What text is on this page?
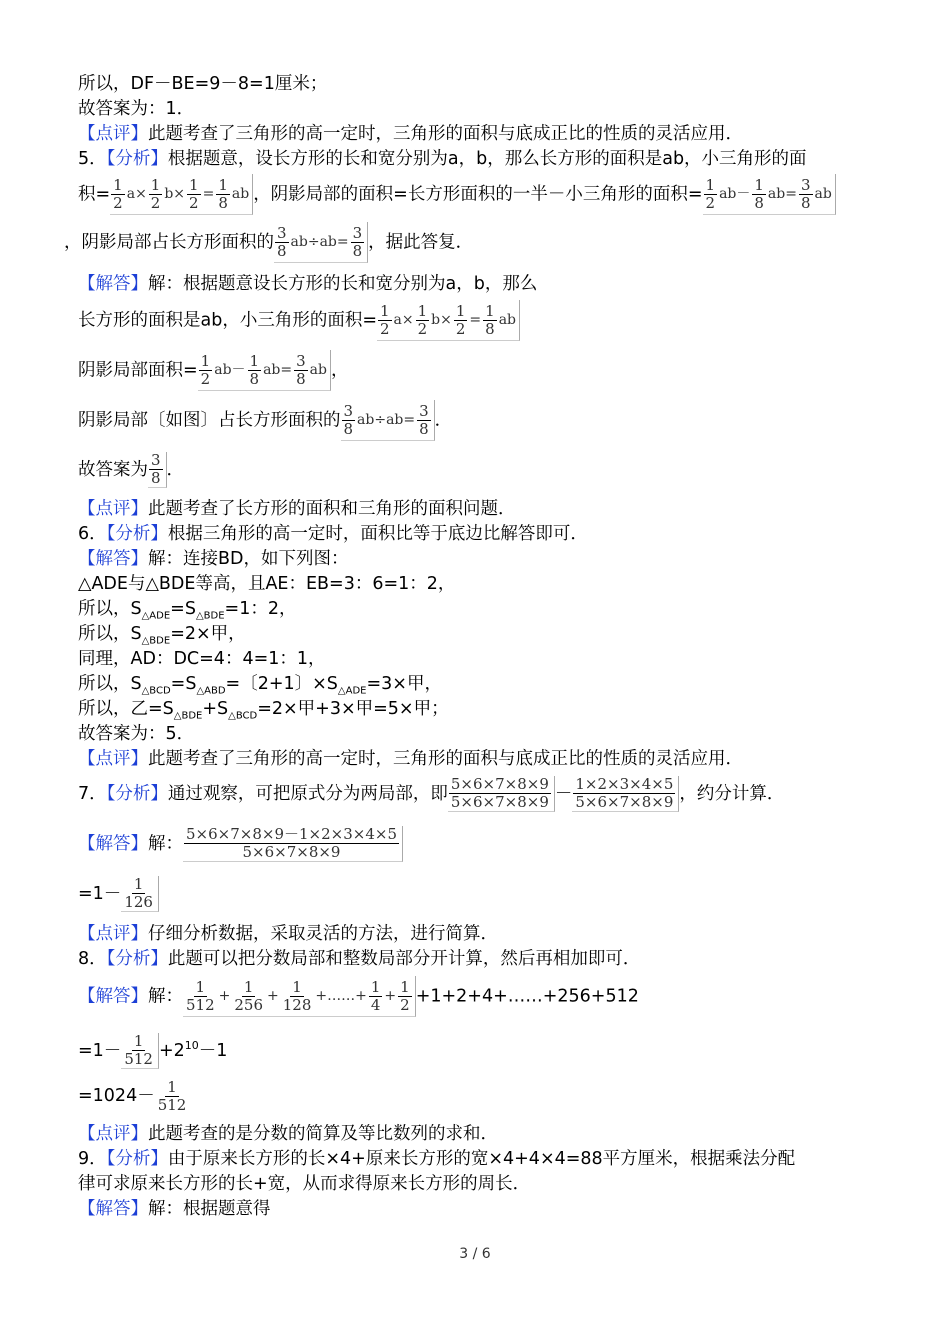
所以，DF－BE=9－8=1厘米；
故答案为：1．
【点评】此题考查了三角形的高一定时，三角形的面积与底成正比的性质的灵活应用．
5．【分析】根据题意，设长方形的长和宽分别为a，b，那么长方形的面积是ab，小三角形的面
积= 1
2 $a\times \frac{1}{2} b\times \frac{1}{2} = \frac{1}{8}$ ab ，阴影局部的面积=长方形面积的一半－小三角形的面积= 1
2 ab－
1
8 $ab= \frac{3}{8}$ ab
，阴影局部占长方形面积的 3
8 $ab\div ab= \frac{3}{8}$ ，据此答复．
【解答】解：根据题意设长方形的长和宽分别为a，b，那么
长方形的面积是ab，小三角形的面积= 1
2 $a\times \frac{1}{2} b\times \frac{1}{2} = \frac{1}{8}$ ab
阴影局部面积= 1
2 ab－
1
8 $ab= \frac{3}{8}$ ab ，
阴影局部〔如图〕占长方形面积的 3
8 $ab\div ab= \frac{3}{8}$ ．
故答案为 3
8 ．
【点评】此题考查了长方形的面积和三角形的面积问题．
6．【分析】根据三角形的高一定时，面积比等于底边比解答即可．
【解答】解：连接BD，如下列图：
△ADE与△BDE等高，且AE：EB=3：6=1：2，
所以，$S_{\triangle ADE}=S_{\triangle BDE}=1$：2，
所以，$S_{\triangle BDE}=2\times$甲，
同理，AD：DC=4：4=1：1，
所以，$S_{\triangle BCD}=S_{\triangle ABD}=$〔2+1〕$\times S_{\triangle ADE}=3\times$甲，
所以，乙$=S_{\triangle BDE}+S_{\triangle BCD}=2\times$甲+3×甲=5×甲；
故答案为：5．
【点评】此题考查了三角形的高一定时，三角形的面积与底成正比的性质的灵活应用．
7．【分析】通过观察，可把原式分为两局部，即 5×6×7×8×9
5×6×7×8×9 － 1×2×3×4×5
5×6×7×8×9 ，约分计算．
【解答】解： 5×6×7×8×9－1×2×3×4×5
5×6×7×8×9
=1－ 1
126
【点评】仔细分析数据，采取灵活的方法，进行简算．
8．【分析】此题可以把分数局部和整数局部分开计算，然后再相加即可．
【解答】解： 1
$512 + \frac{1}{256} + \frac{1}{128}$ +……+ $\frac{1}{4} + \frac{1}{2}$ +1+2+4+……+256+512
=1－ 1
$512 +2^{10}-1$
=1024－ 1
512
【点评】此题考查的是分数的简算及等比数列的求和．
9．【分析】由于原来长方形的长×4+原来长方形的宽×4+4×4=88平方厘米，根据乘法分配
律可求原来长方形的长+宽，从而求得原来长方形的周长．
【解答】解：根据题意得
3 / 6
